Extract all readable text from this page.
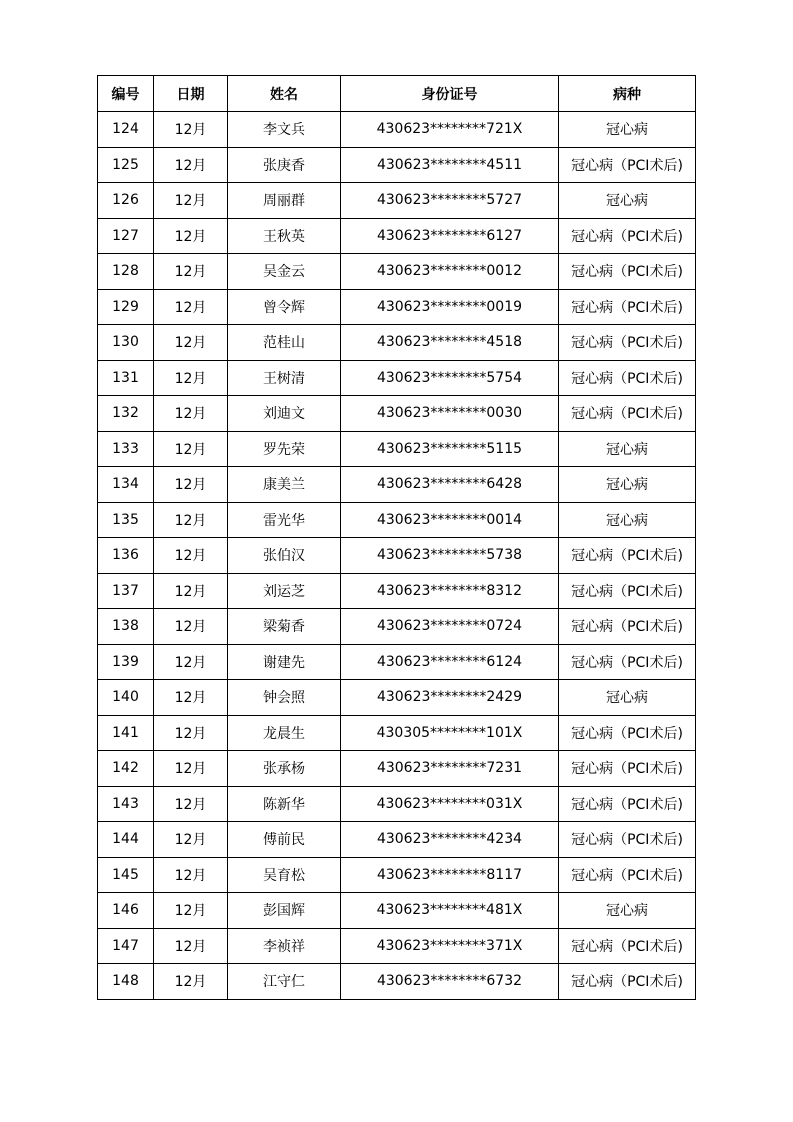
编号	日期	姓名	身份证号	病种
124	12月	李文兵	430623********721X	冠心病
125	12月	张庚香	430623********4511	冠心病（PCI术后)
126	12月	周丽群	430623********5727	冠心病
127	12月	王秋英	430623********6127	冠心病（PCI术后)
128	12月	吴金云	430623********0012	冠心病（PCI术后)
129	12月	曾令辉	430623********0019	冠心病（PCI术后)
130	12月	范桂山	430623********4518	冠心病（PCI术后)
131	12月	王树清	430623********5754	冠心病（PCI术后)
132	12月	刘迪文	430623********0030	冠心病（PCI术后)
133	12月	罗先荣	430623********5115	冠心病
134	12月	康美兰	430623********6428	冠心病
135	12月	雷光华	430623********0014	冠心病
136	12月	张伯汉	430623********5738	冠心病（PCI术后)
137	12月	刘运芝	430623********8312	冠心病（PCI术后)
138	12月	梁菊香	430623********0724	冠心病（PCI术后)
139	12月	谢建先	430623********6124	冠心病（PCI术后)
140	12月	钟会照	430623********2429	冠心病
141	12月	龙晨生	430305********101X	冠心病（PCI术后)
142	12月	张承杨	430623********7231	冠心病（PCI术后)
143	12月	陈新华	430623********031X	冠心病（PCI术后)
144	12月	傅前民	430623********4234	冠心病（PCI术后)
145	12月	吴育松	430623********8117	冠心病（PCI术后)
146	12月	彭国辉	430623********481X	冠心病
147	12月	李祯祥	430623********371X	冠心病（PCI术后)
148	12月	江守仁	430623********6732	冠心病（PCI术后)
